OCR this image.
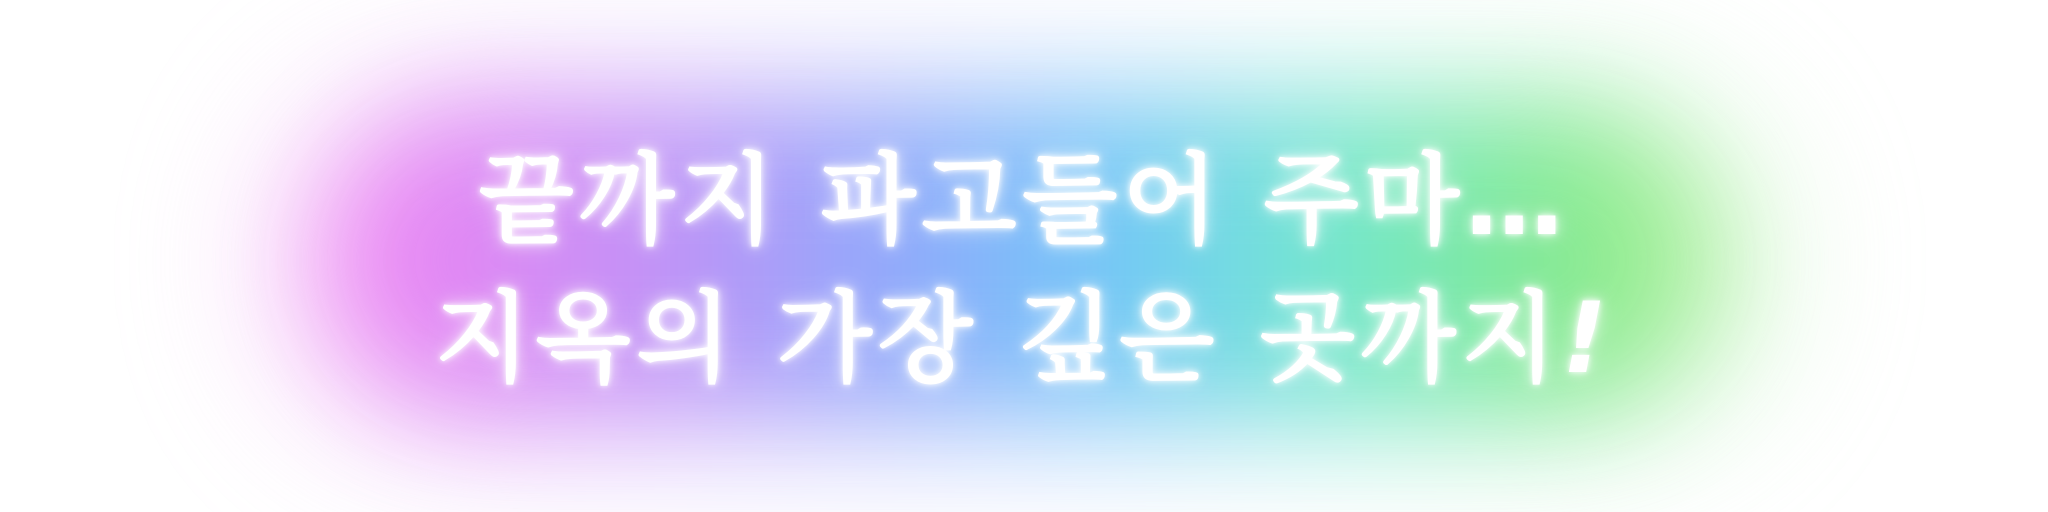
끝까지 파고들어 주마…
지옥의 가장 깊은 곳까지!
